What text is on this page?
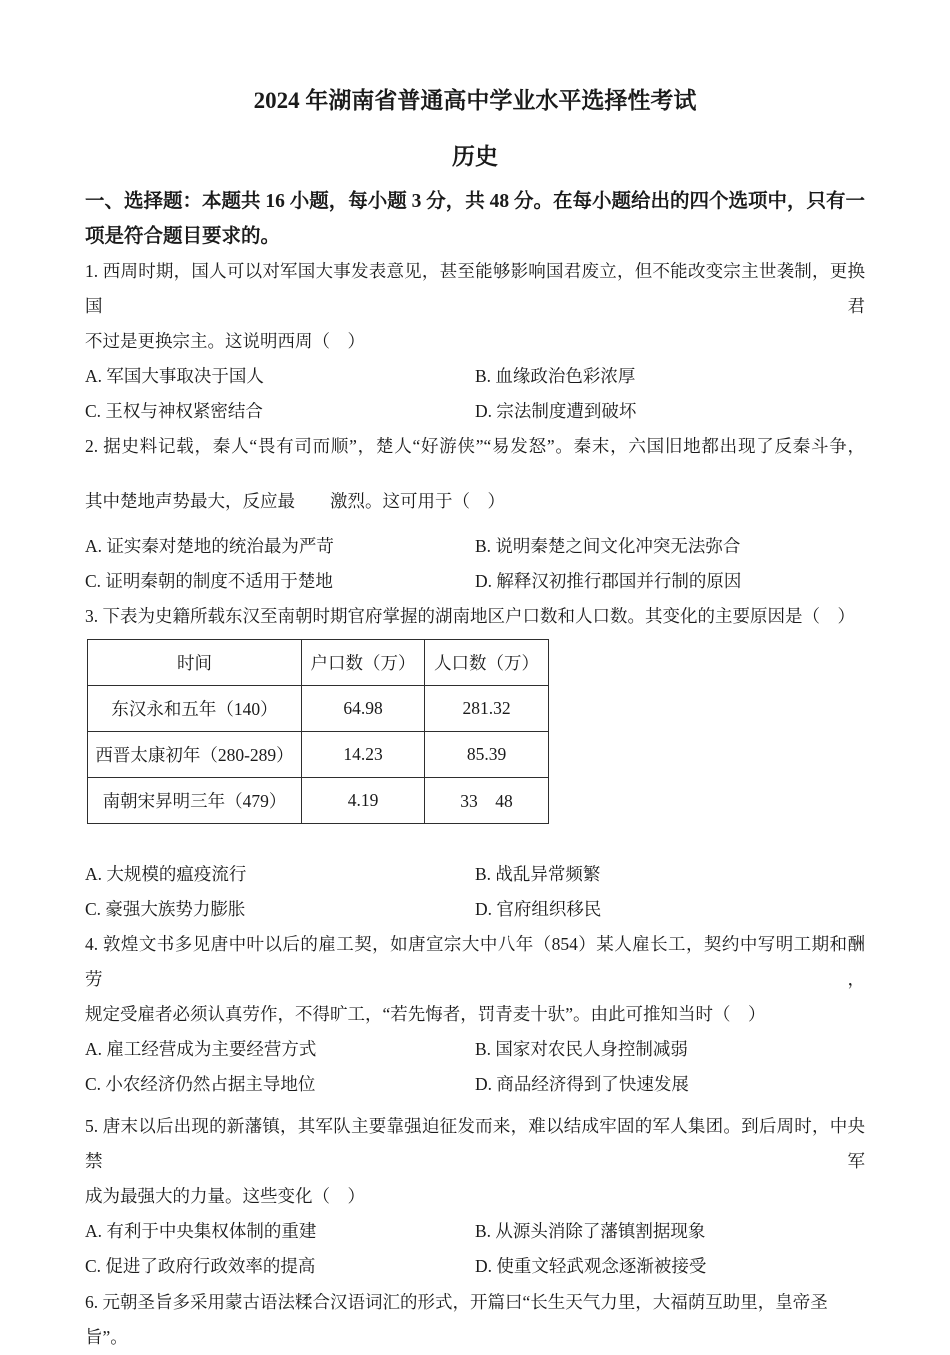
2024 年湖南省普通高中学业水平选择性考试
历史
一、选择题：本题共 16 小题，每小题 3 分，共 48 分。在每小题给出的四个选项中，只有一项是符合题目要求的。
1. 西周时期，国人可以对军国大事发表意见，甚至能够影响国君废立，但不能改变宗主世袭制，更换国君
不过是更换宗主。这说明西周（　）
A. 军国大事取决于国人	B. 血缘政治色彩浓厚
C. 王权与神权紧密结合	D. 宗法制度遭到破坏
2. 据史料记载，秦人“畏有司而顺”，楚人“好游侠”“易发怒”。秦末，六国旧地都出现了反秦斗争，
其中楚地声势最大，反应最　　激烈。这可用于（　）
A. 证实秦对楚地的统治最为严苛	B. 说明秦楚之间文化冲突无法弥合
C. 证明秦朝的制度不适用于楚地	D. 解释汉初推行郡国并行制的原因
3. 下表为史籍所载东汉至南朝时期官府掌握的湖南地区户口数和人口数。其变化的主要原因是（　）
时间	户口数（万）	人口数（万）
东汉永和五年（140）	64.98	281.32
西晋太康初年（280-289）	14.23	85.39
南朝宋昇明三年（479）	4.19	33　48
A. 大规模的瘟疫流行	B. 战乱异常频繁
C. 豪强大族势力膨胀	D. 官府组织移民
4. 敦煌文书多见唐中叶以后的雇工契，如唐宣宗大中八年（854）某人雇长工，契约中写明工期和酬劳，
规定受雇者必须认真劳作，不得旷工，“若先悔者，罚青麦十驮”。由此可推知当时（　）
A. 雇工经营成为主要经营方式	B. 国家对农民人身控制减弱
C. 小农经济仍然占据主导地位	D. 商品经济得到了快速发展
5. 唐末以后出现的新藩镇，其军队主要靠强迫征发而来，难以结成牢固的军人集团。到后周时，中央禁军
成为最强大的力量。这些变化（　）
A. 有利于中央集权体制的重建	B. 从源头消除了藩镇割据现象
C. 促进了政府行政效率的提高	D. 使重文轻武观念逐渐被接受
6. 元朝圣旨多采用蒙古语法糅合汉语词汇的形式，开篇曰“长生天气力里，大福荫互助里，皇帝圣旨”。
